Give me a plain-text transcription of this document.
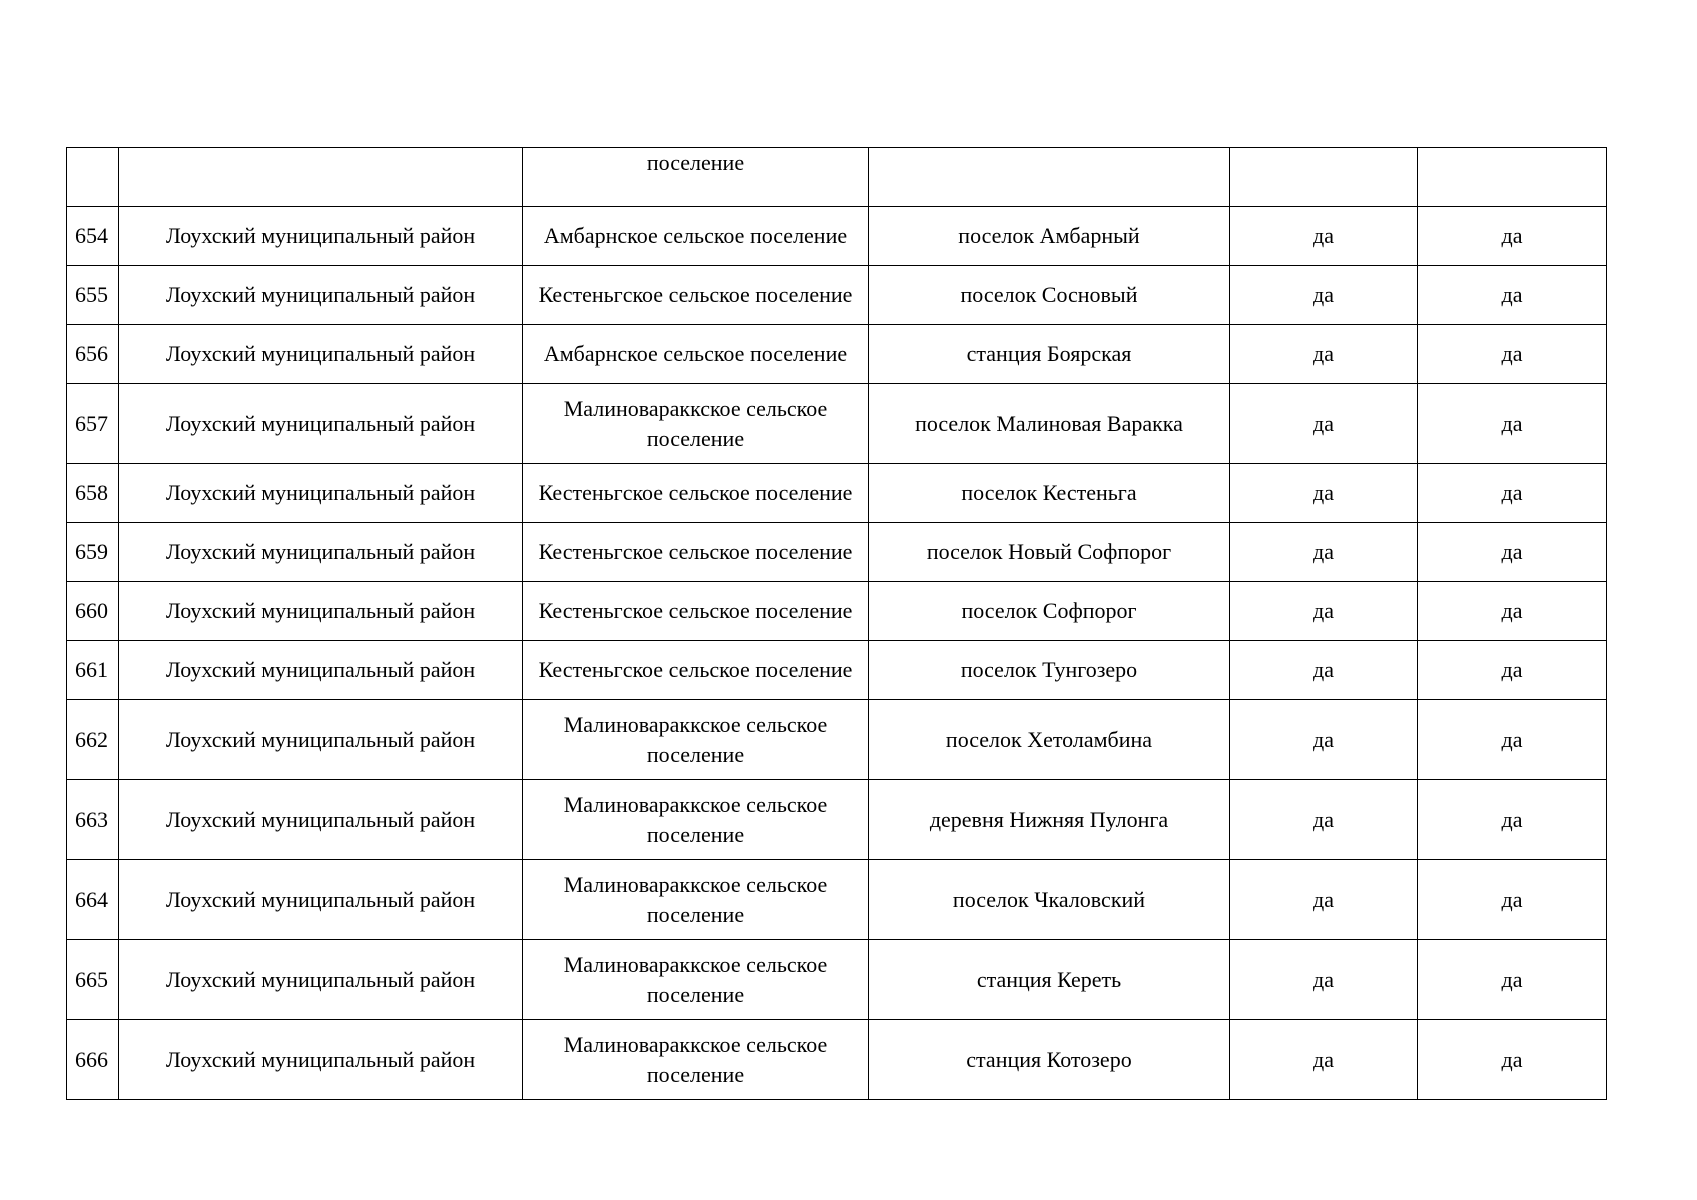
		поселение			
654	Лоухский муниципальный район	Амбарнское сельское поселение	поселок Амбарный	да	да
655	Лоухский муниципальный район	Кестеньгское сельское поселение	поселок Сосновый	да	да
656	Лоухский муниципальный район	Амбарнское сельское поселение	станция Боярская	да	да
657	Лоухский муниципальный район	Малиновараккское сельское поселение	поселок Малиновая Варакка	да	да
658	Лоухский муниципальный район	Кестеньгское сельское поселение	поселок Кестеньга	да	да
659	Лоухский муниципальный район	Кестеньгское сельское поселение	поселок Новый Софпорог	да	да
660	Лоухский муниципальный район	Кестеньгское сельское поселение	поселок Софпорог	да	да
661	Лоухский муниципальный район	Кестеньгское сельское поселение	поселок Тунгозеро	да	да
662	Лоухский муниципальный район	Малиновараккское сельское поселение	поселок Хетоламбина	да	да
663	Лоухский муниципальный район	Малиновараккское сельское поселение	деревня Нижняя Пулонга	да	да
664	Лоухский муниципальный район	Малиновараккское сельское поселение	поселок Чкаловский	да	да
665	Лоухский муниципальный район	Малиновараккское сельское поселение	станция Кереть	да	да
666	Лоухский муниципальный район	Малиновараккское сельское поселение	станция Котозеро	да	да
